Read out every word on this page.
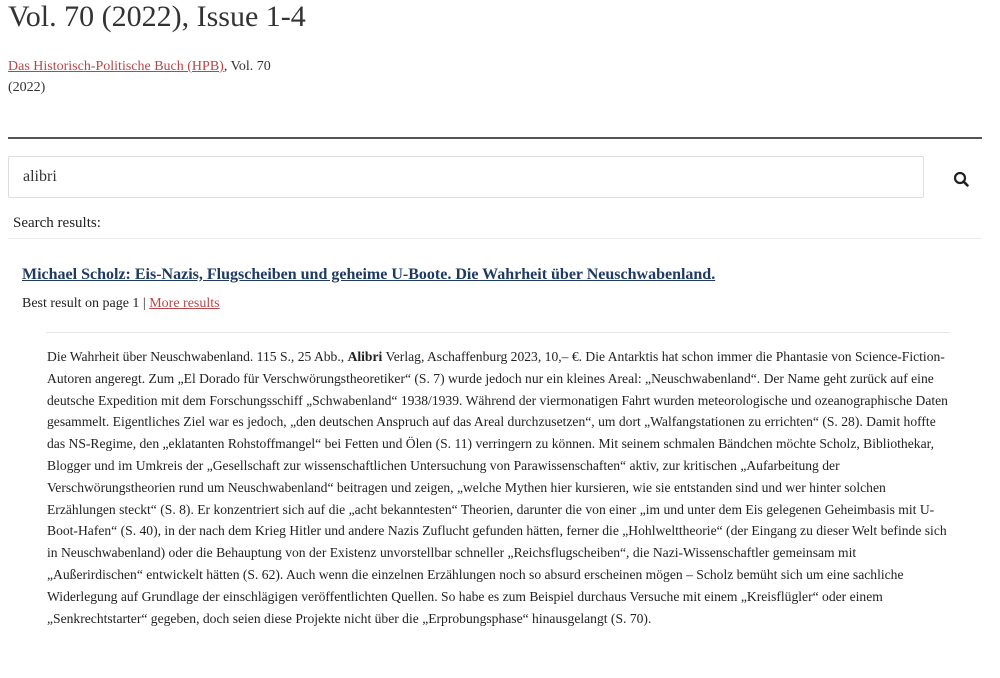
Vol. 70 (2022), Issue 1-4
Das Historisch-Politische Buch (HPB), Vol. 70
(2022)
alibri
Search results:
Michael Scholz: Eis-Nazis, Flugscheiben und geheime U-Boote. Die Wahrheit über Neuschwabenland.
Best result on page 1 | More results
Die Wahrheit über Neuschwabenland. 115 S., 25 Abb., Alibri Verlag, Aschaffenburg 2023, 10,– €. Die Antarktis hat schon immer die Phantasie von Science-Fiction-Autoren angeregt. Zum „El Dorado für Verschwörungstheoretiker“ (S. 7) wurde jedoch nur ein kleines Areal: „Neuschwabenland“. Der Name geht zurück auf eine deutsche Expedition mit dem Forschungsschiff „Schwabenland“ 1938/1939. Während der viermonatigen Fahrt wurden meteorologische und ozeanographische Daten gesammelt. Eigentliches Ziel war es jedoch, „den deutschen Anspruch auf das Areal durchzusetzen“, um dort „Walfangstationen zu errichten“ (S. 28). Damit hoffte das NS-Regime, den „eklatanten Rohstoffmangel“ bei Fetten und Ölen (S. 11) verringern zu können. Mit seinem schmalen Bändchen möchte Scholz, Bibliothekar, Blogger und im Umkreis der „Gesellschaft zur wissenschaftlichen Untersuchung von Parawissenschaften“ aktiv, zur kritischen „Aufarbeitung der Verschwörungstheorien rund um Neuschwabenland“ beitragen und zeigen, „welche Mythen hier kursieren, wie sie entstanden sind und wer hinter solchen Erzählungen steckt“ (S. 8). Er konzentriert sich auf die „acht bekanntesten“ Theorien, darunter die von einer „im und unter dem Eis gelegenen Geheimbasis mit U-Boot-Hafen“ (S. 40), in der nach dem Krieg Hitler und andere Nazis Zuflucht gefunden hätten, ferner die „Hohlwelttheorie“ (der Eingang zu dieser Welt befinde sich in Neuschwabenland) oder die Behauptung von der Existenz unvorstellbar schneller „Reichsflugscheiben“, die Nazi-Wissenschaftler gemeinsam mit „Außerirdischen“ entwickelt hätten (S. 62). Auch wenn die einzelnen Erzählungen noch so absurd erscheinen mögen – Scholz bemüht sich um eine sachliche Widerlegung auf Grundlage der einschlägigen veröffentlichten Quellen. So habe es zum Beispiel durchaus Versuche mit einem „Kreisflügler“ oder einem „Senkrechtstarter“ gegeben, doch seien diese Projekte nicht über die „Erprobungsphase“ hinausgelangt (S. 70).
